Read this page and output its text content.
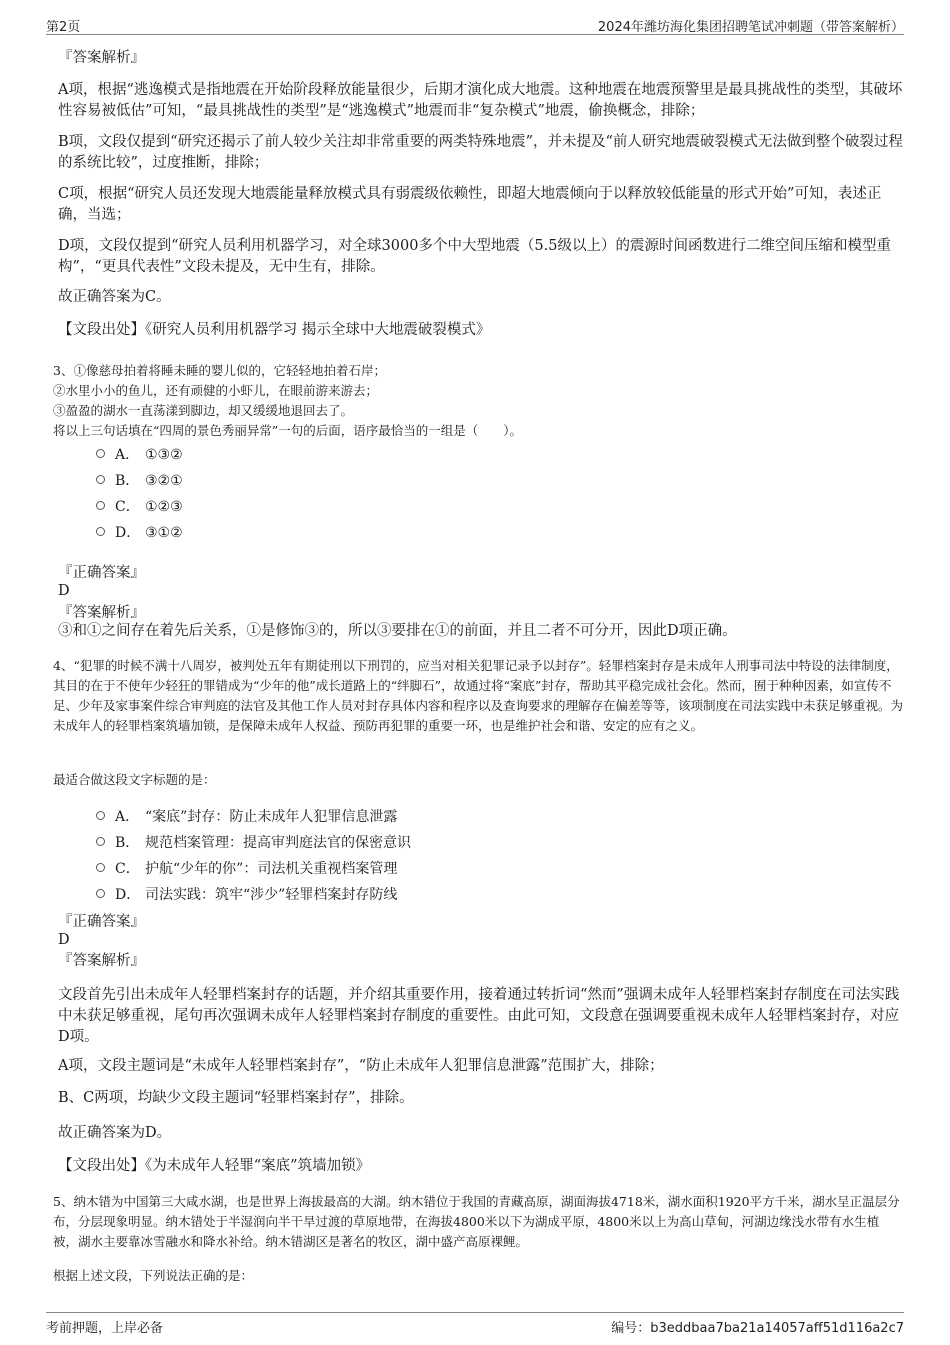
第2页	2024年潍坊海化集团招聘笔试冲刺题（带答案解析）
『答案解析』
A项，根据“逃逸模式是指地震在开始阶段释放能量很少，后期才演化成大地震。这种地震在地震预警里是最具挑战性的类型，其破坏性容易被低估”可知，“最具挑战性的类型”是“逃逸模式”地震而非“复杂模式”地震，偷换概念，排除；
B项，文段仅提到“研究还揭示了前人较少关注却非常重要的两类特殊地震”，并未提及“前人研究地震破裂模式无法做到整个破裂过程的系统比较”，过度推断，排除；
C项，根据“研究人员还发现大地震能量释放模式具有弱震级依赖性，即超大地震倾向于以释放较低能量的形式开始”可知，表述正确，当选；
D项，文段仅提到“研究人员利用机器学习，对全球3000多个中大型地震（5.5级以上）的震源时间函数进行二维空间压缩和模型重构”，“更具代表性”文段未提及，无中生有，排除。
故正确答案为C。
【文段出处】《研究人员利用机器学习 揭示全球中大地震破裂模式》
3、①像慈母拍着将睡未睡的婴儿似的，它轻轻地拍着石岸；
②水里小小的鱼儿，还有顽健的小虾儿，在眼前游来游去；
③盈盈的湖水一直荡漾到脚边，却又缓缓地退回去了。
将以上三句话填在“四周的景色秀丽异常”一句的后面，语序最恰当的一组是（　　）。
A． ①③②
B． ③②①
C． ①②③
D． ③①②
『正确答案』
D
『答案解析』
③和①之间存在着先后关系，①是修饰③的，所以③要排在①的前面，并且二者不可分开，因此D项正确。
4、“犯罪的时候不满十八周岁，被判处五年有期徒刑以下刑罚的，应当对相关犯罪记录予以封存”。轻罪档案封存是未成年人刑事司法中特设的法律制度，其目的在于不使年少轻狂的罪错成为“少年的他”成长道路上的“绊脚石”，故通过将“案底”封存，帮助其平稳完成社会化。然而，囿于种种因素，如宣传不足、少年及家事案件综合审判庭的法官及其他工作人员对封存具体内容和程序以及查询要求的理解存在偏差等等，该项制度在司法实践中未获足够重视。为未成年人的轻罪档案筑墙加锁，是保障未成年人权益、预防再犯罪的重要一环，也是维护社会和谐、安定的应有之义。
最适合做这段文字标题的是：
A． “案底”封存：防止未成年人犯罪信息泄露
B． 规范档案管理：提高审判庭法官的保密意识
C． 护航“少年的你”：司法机关重视档案管理
D． 司法实践：筑牢“涉少”轻罪档案封存防线
『正确答案』
D
『答案解析』
文段首先引出未成年人轻罪档案封存的话题，并介绍其重要作用，接着通过转折词“然而”强调未成年人轻罪档案封存制度在司法实践中未获足够重视，尾句再次强调未成年人轻罪档案封存制度的重要性。由此可知，文段意在强调要重视未成年人轻罪档案封存，对应D项。
A项，文段主题词是“未成年人轻罪档案封存”，“防止未成年人犯罪信息泄露”范围扩大，排除；
B、C两项，均缺少文段主题词“轻罪档案封存”，排除。
故正确答案为D。
【文段出处】《为未成年人轻罪“案底”筑墙加锁》
5、纳木错为中国第三大咸水湖，也是世界上海拔最高的大湖。纳木错位于我国的青藏高原，湖面海拔4718米，湖水面积1920平方千米，湖水呈正温层分布，分层现象明显。纳木错处于半湿润向半干旱过渡的草原地带，在海拔4800米以下为湖成平原，4800米以上为高山草甸，河湖边缘浅水带有水生植被，湖水主要靠冰雪融水和降水补给。纳木错湖区是著名的牧区，湖中盛产高原裸鲤。
根据上述文段，下列说法正确的是：
考前押题，上岸必备	编号：b3eddbaa7ba21a14057aff51d116a2c7
